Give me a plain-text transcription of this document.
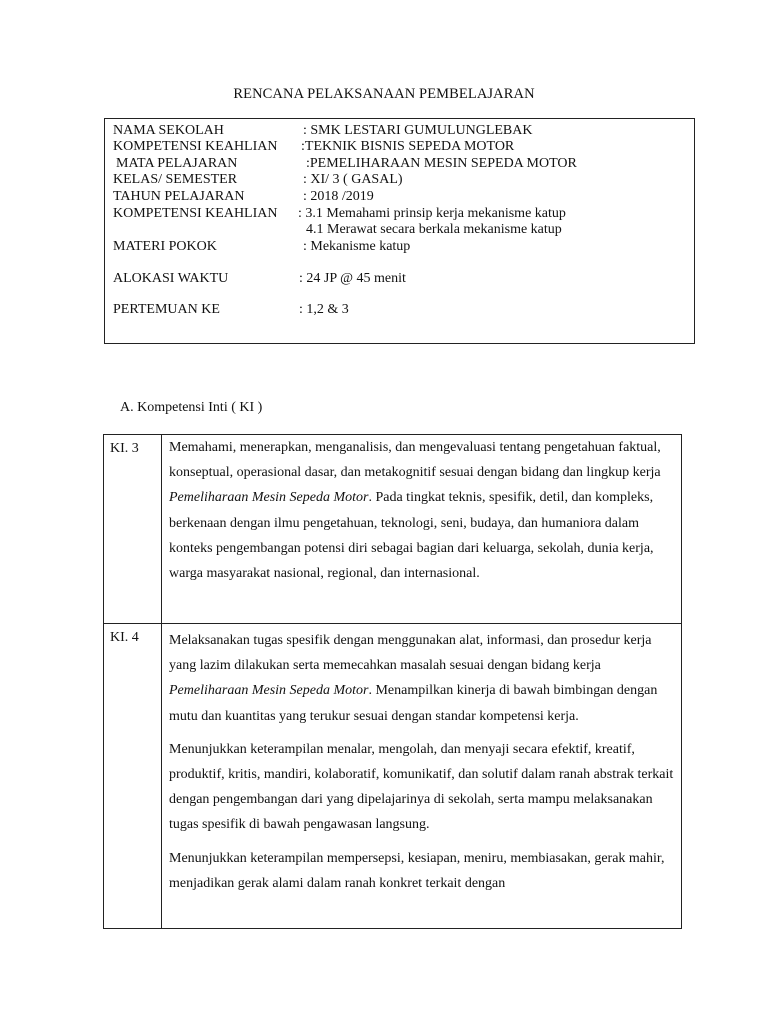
RENCANA PELAKSANAAN PEMBELAJARAN
NAMA SEKOLAH	: SMK LESTARI GUMULUNGLEBAK
KOMPETENSI KEAHLIAN :TEKNIK BISNIS SEPEDA MOTOR
MATA PELAJARAN	:PEMELIHARAAN MESIN SEPEDA MOTOR
KELAS/ SEMESTER	: XI/ 3 ( GASAL)
TAHUN PELAJARAN	: 2018 /2019
KOMPETENSI KEAHLIAN : 3.1 Memahami prinsip kerja mekanisme katup
4.1 Merawat secara berkala mekanisme katup
MATERI POKOK	: Mekanisme katup
ALOKASI WAKTU	: 24 JP @ 45 menit
PERTEMUAN KE	: 1,2 & 3
A. Kompetensi Inti ( KI )
KI. 3	Memahami, menerapkan, menganalisis, dan mengevaluasi tentang pengetahuan faktual, konseptual, operasional dasar, dan metakognitif sesuai dengan bidang dan lingkup kerja Pemeliharaan Mesin Sepeda Motor. Pada tingkat teknis, spesifik, detil, dan kompleks, berkenaan dengan ilmu pengetahuan, teknologi, seni, budaya, dan humaniora dalam konteks pengembangan potensi diri sebagai bagian dari keluarga, sekolah, dunia kerja, warga masyarakat nasional, regional, dan internasional.

KI. 4	Melaksanakan tugas spesifik dengan menggunakan alat, informasi, dan prosedur kerja yang lazim dilakukan serta memecahkan masalah sesuai dengan bidang kerja Pemeliharaan Mesin Sepeda Motor. Menampilkan kinerja di bawah bimbingan dengan mutu dan kuantitas yang terukur sesuai dengan standar kompetensi kerja.

Menunjukkan keterampilan menalar, mengolah, dan menyaji secara efektif, kreatif, produktif, kritis, mandiri, kolaboratif, komunikatif, dan solutif dalam ranah abstrak terkait dengan pengembangan dari yang dipelajarinya di sekolah, serta mampu melaksanakan tugas spesifik di bawah pengawasan langsung.

Menunjukkan keterampilan mempersepsi, kesiapan, meniru, membiasakan, gerak mahir, menjadikan gerak alami dalam ranah konkret terkait dengan
